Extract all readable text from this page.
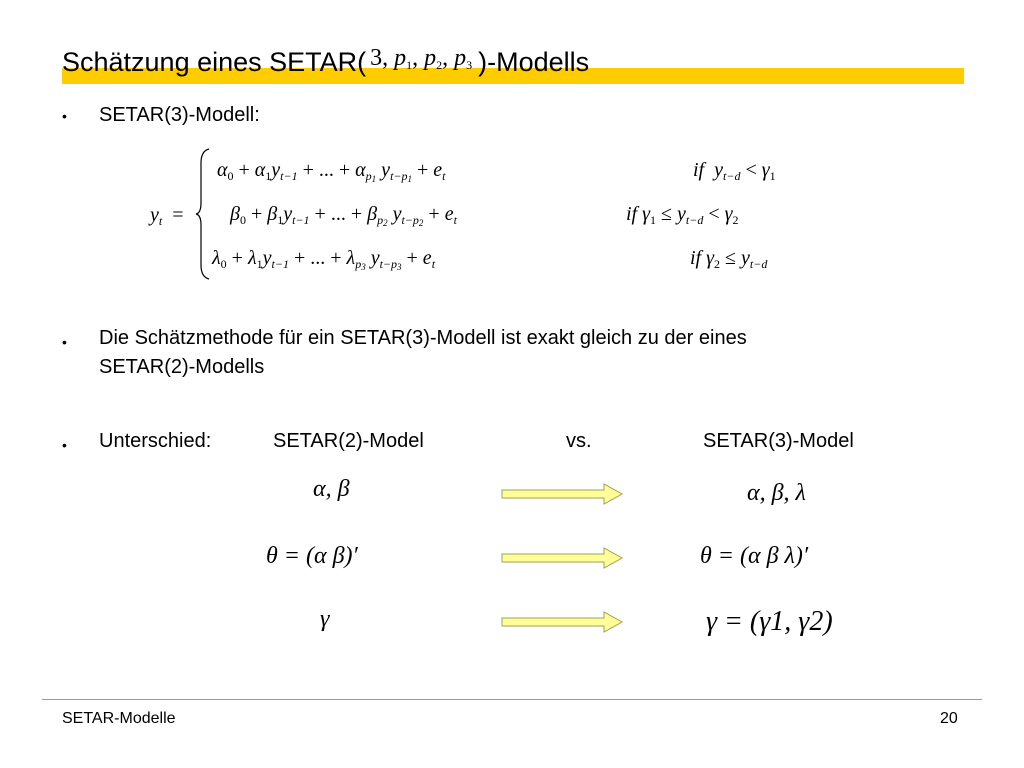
Schätzung eines SETAR( 3, $p_1$, $p_2$, $p_3$ )-Modells
• SETAR(3)-Modell:
$y_t$  =
$\alpha_0 + \alpha_1y_{t-1}$ + ... + $\alpha_{p1}$ $y_{t-p1} + e_t$	if $y_{t-d} < \gamma_1$
$\beta_0 + \beta_1y_{t-1}$ + ... + $\beta_{p2}$ $y_{t-p2} + e_t$	if $\gamma_1 \le y_{t-d} < \gamma_2$
$\lambda_0 + \lambda_1y_{t-1}$ + ... + $\lambda_{p3}$ $y_{t-p3} + e_t$	if $\gamma_2 \le y_{t-d}$
• Die Schätzmethode für ein SETAR(3)-Modell ist exakt gleich zu der eines
SETAR(2)-Modells
• Unterschied:	SETAR(2)-Model	vs.	SETAR(3)-Model
α, β	α, β, λ
θ = (α β)′	θ = (α β λ)′
γ	γ = (γ1, γ2)
SETAR-Modelle	20
